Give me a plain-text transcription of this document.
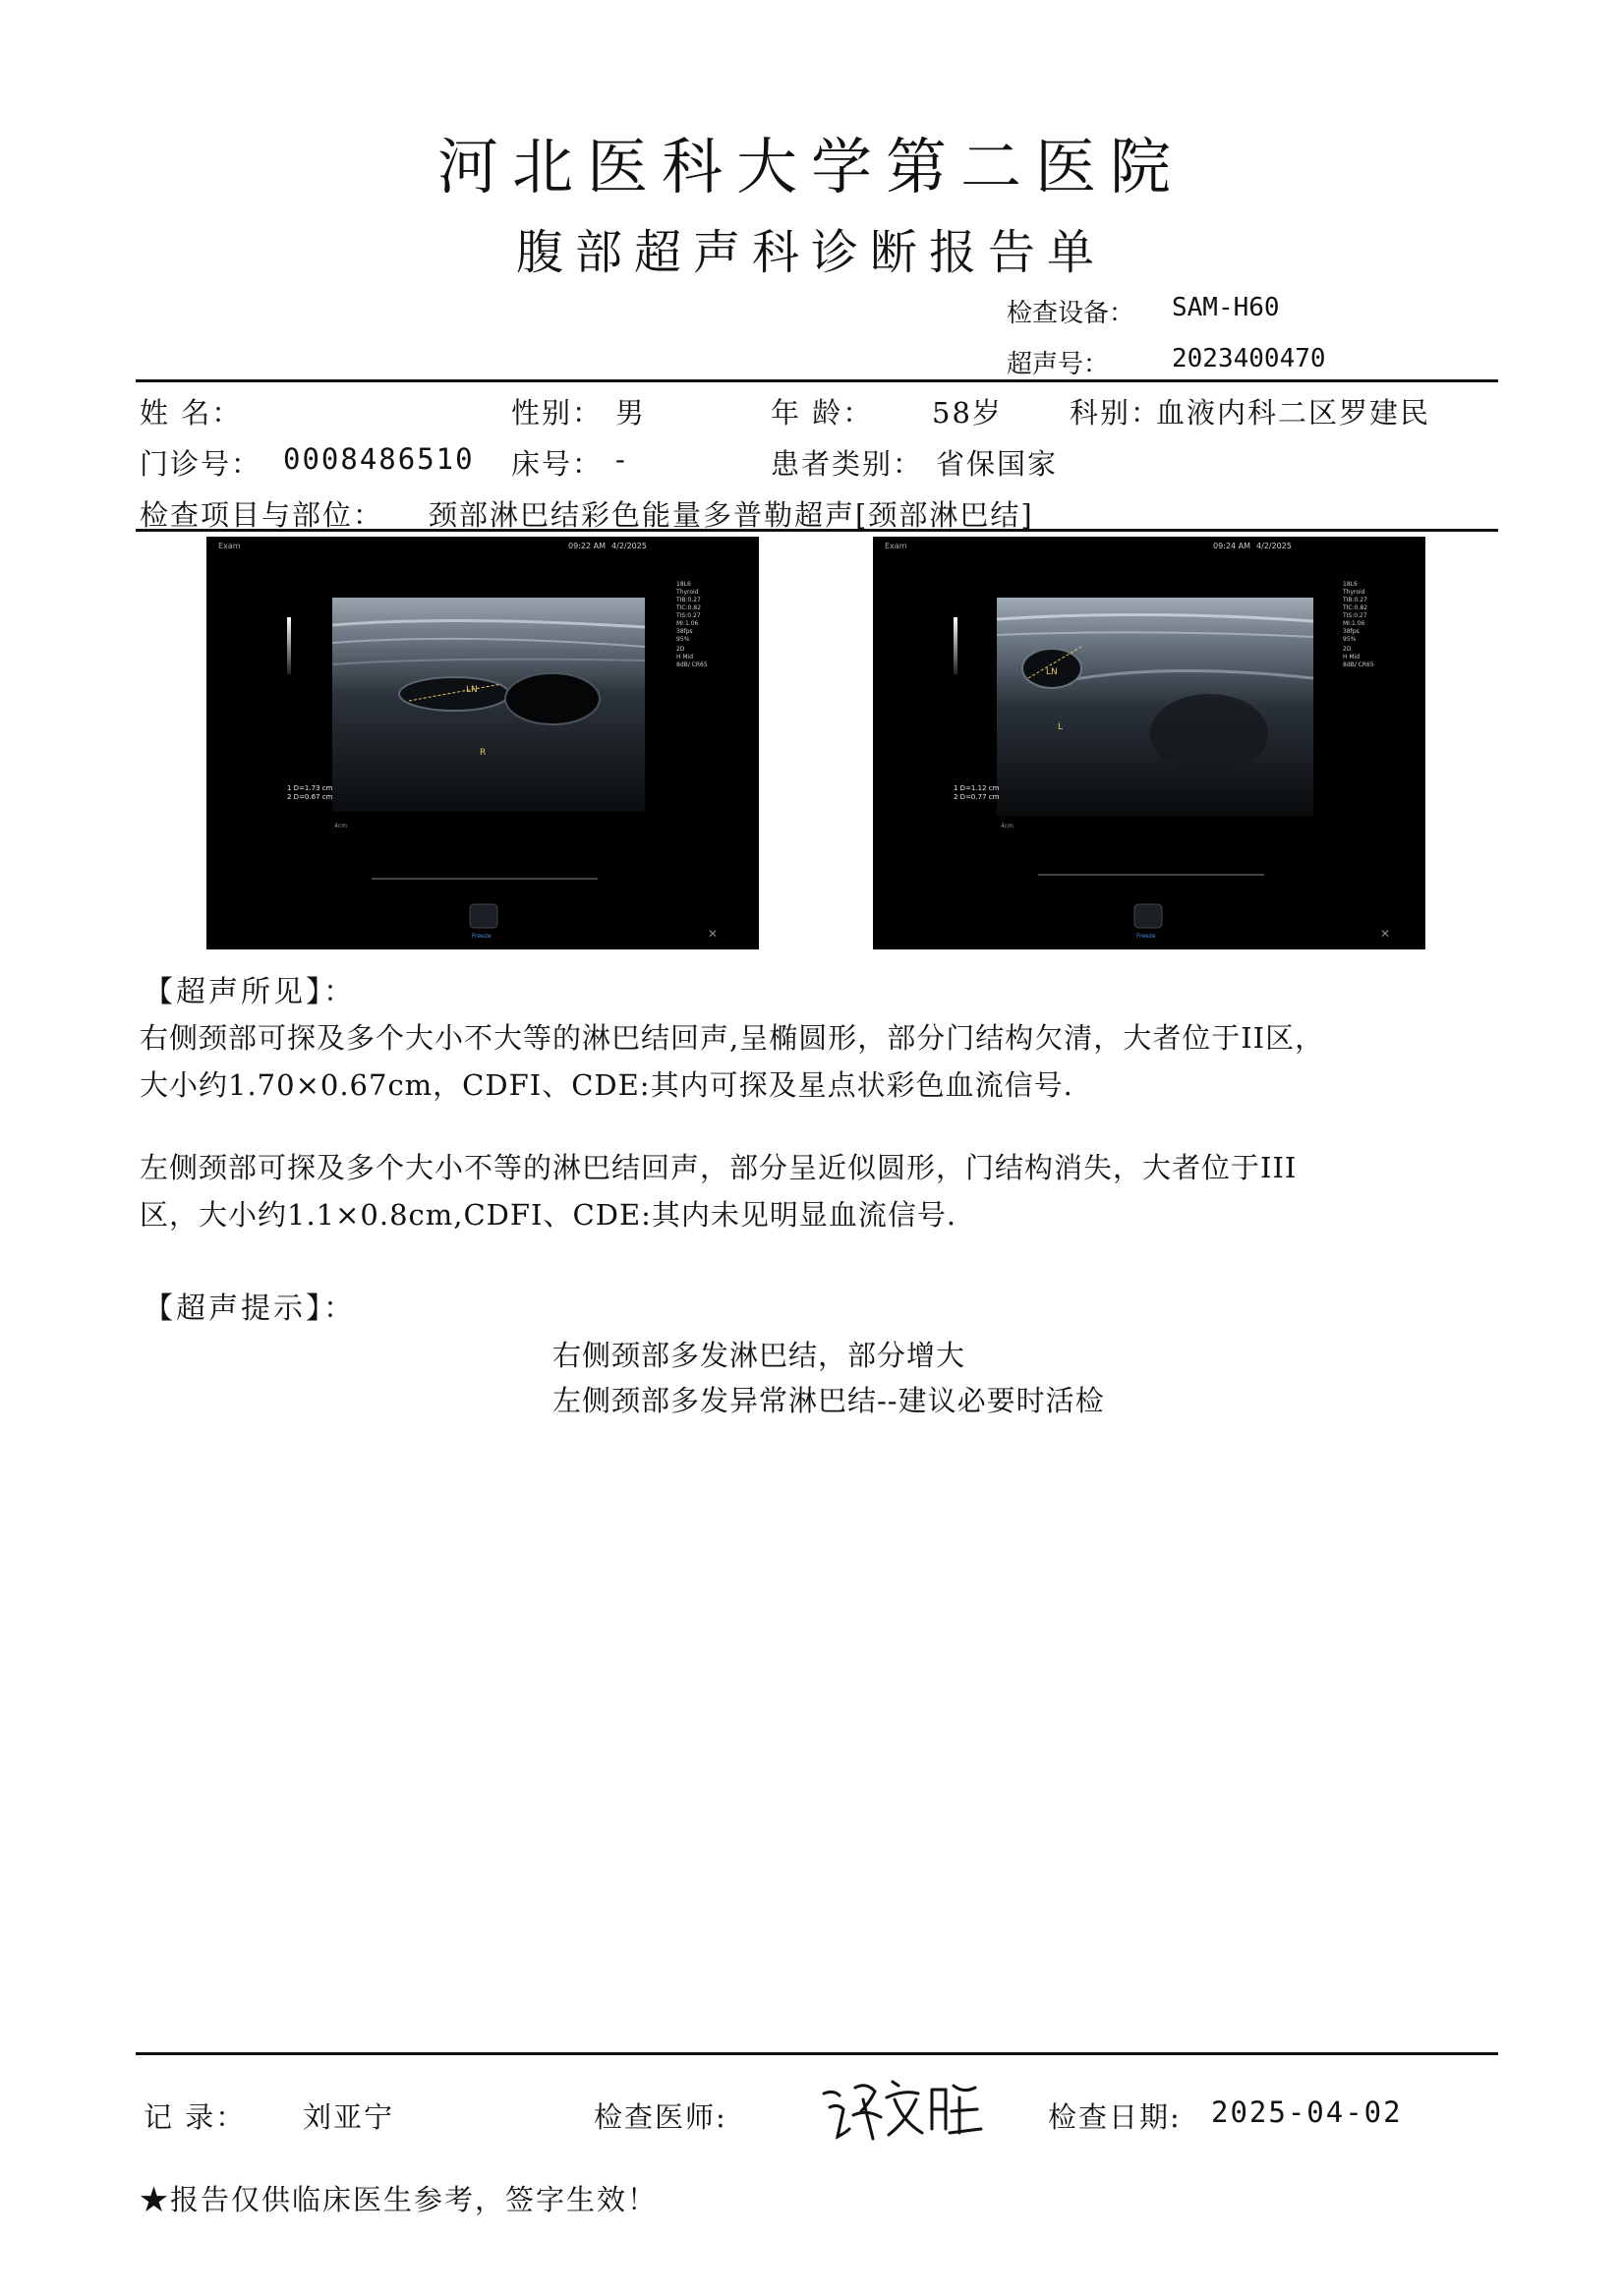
河北医科大学第二医院
腹部超声科诊断报告单
检查设备： SAM-H60
超声号： 2023400470
姓 名：	性别： 男	年 龄： 58岁 科别：
血液内科二区罗建民
门诊号： 0008486510 床号： -	患者类别： 省保国家
检查项目与部位： 颈部淋巴结彩色能量多普勒超声[颈部淋巴结]
Exam	09:22 AM 4/2/2025
LN
R
18L6
Thyroid
TIB:0.27
TIC:0.82
TIS:0.27
MI:1.06
38fps
95%
2D
H Mid
8dB/ CR65
1 D=1.73 cm
2 D=0.67 cm
4cm
Freeze	✕
Exam	09:24 AM 4/2/2025
LN
L
18L6
Thyroid
TIB:0.27
TIC:0.82
TIS:0.27
MI:1.06
38fps
95%
2D
H Mid
8dB/ CR65
1 D=1.12 cm
2 D=0.77 cm
4cm
Freeze	✕
【超声所见】：
右侧颈部可探及多个大小不大等的淋巴结回声,呈椭圆形，部分门结构欠清，大者位于II区，
大小约1.70×0.67cm，CDFI、CDE:其内可探及星点状彩色血流信号.
左侧颈部可探及多个大小不等的淋巴结回声，部分呈近似圆形，门结构消失，大者位于III
区，大小约1.1×0.8cm,CDFI、CDE:其内未见明显血流信号.
【超声提示】：
右侧颈部多发淋巴结，部分增大
左侧颈部多发异常淋巴结--建议必要时活检
记 录： 刘亚宁	检查医师:	检查日期: 2025-04-02
★报告仅供临床医生参考，签字生效！
